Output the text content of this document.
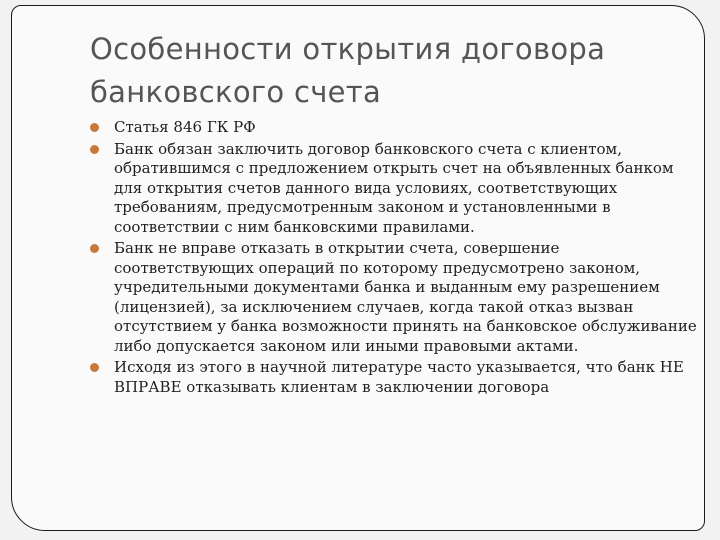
Особенности открытия договора банковского счета
Статья 846 ГК РФ
Банк обязан заключить договор банковского счета с клиентом, обратившимся с предложением открыть счет на объявленных банком для открытия счетов данного вида условиях, соответствующих требованиям, предусмотренным законом и установленными в соответствии с ним банковскими правилами.
Банк не вправе отказать в открытии счета, совершение соответствующих операций по которому предусмотрено законом, учредительными документами банка и выданным ему разрешением (лицензией), за исключением случаев, когда такой отказ вызван отсутствием у банка возможности принять на банковское обслуживание либо допускается законом или иными правовыми актами.
Исходя из этого в научной литературе часто указывается, что банк НЕ ВПРАВЕ отказывать клиентам в заключении договора
